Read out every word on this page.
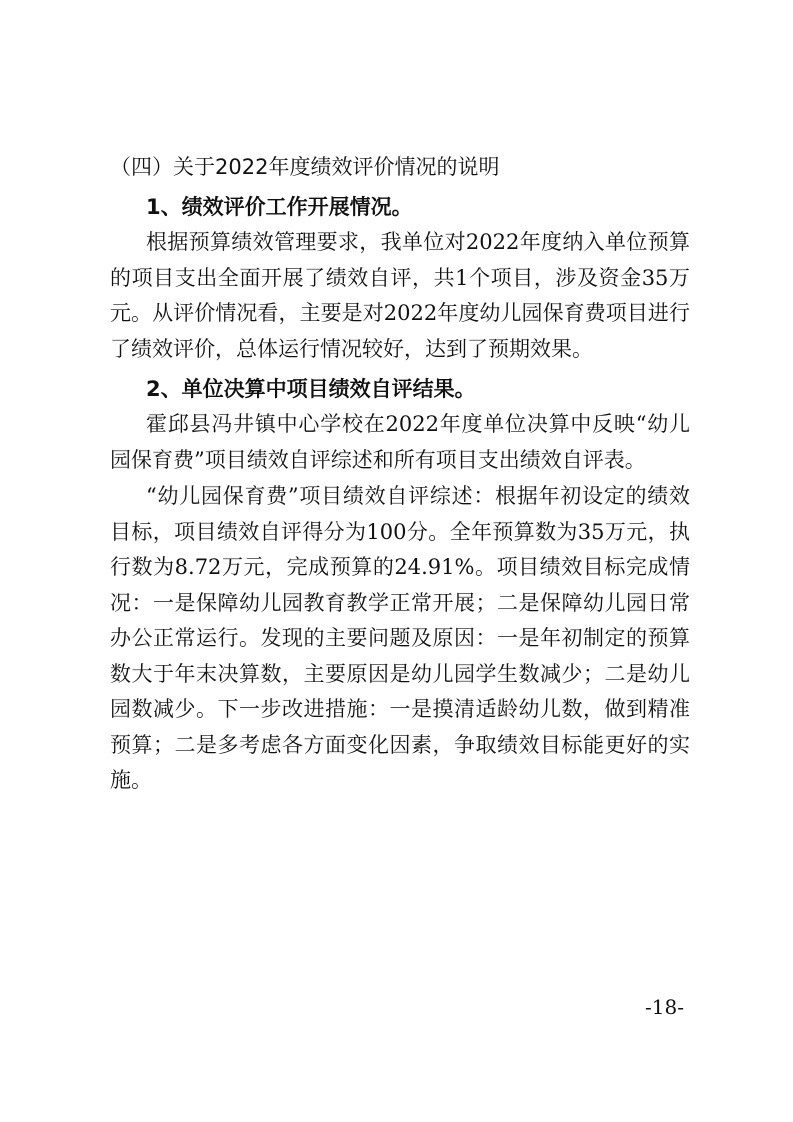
（四）关于2022年度绩效评价情况的说明
1、绩效评价工作开展情况。

根据预算绩效管理要求，我单位对2022年度纳入单位预算的项目支出全面开展了绩效自评，共1个项目，涉及资金35万元。从评价情况看，主要是对2022年度幼儿园保育费项目进行了绩效评价，总体运行情况较好，达到了预期效果。

2、单位决算中项目绩效自评结果。

霍邱县冯井镇中心学校在2022年度单位决算中反映“幼儿园保育费”项目绩效自评综述和所有项目支出绩效自评表。

“幼儿园保育费”项目绩效自评综述：根据年初设定的绩效目标，项目绩效自评得分为100分。全年预算数为35万元，执行数为8.72万元，完成预算的24.91%。项目绩效目标完成情况：一是保障幼儿园教育教学正常开展；二是保障幼儿园日常办公正常运行。发现的主要问题及原因：一是年初制定的预算数大于年末决算数，主要原因是幼儿园学生数减少；二是幼儿园数减少。下一步改进措施：一是摸清适龄幼儿数，做到精准预算；二是多考虑各方面变化因素，争取绩效目标能更好的实施。

-18-
